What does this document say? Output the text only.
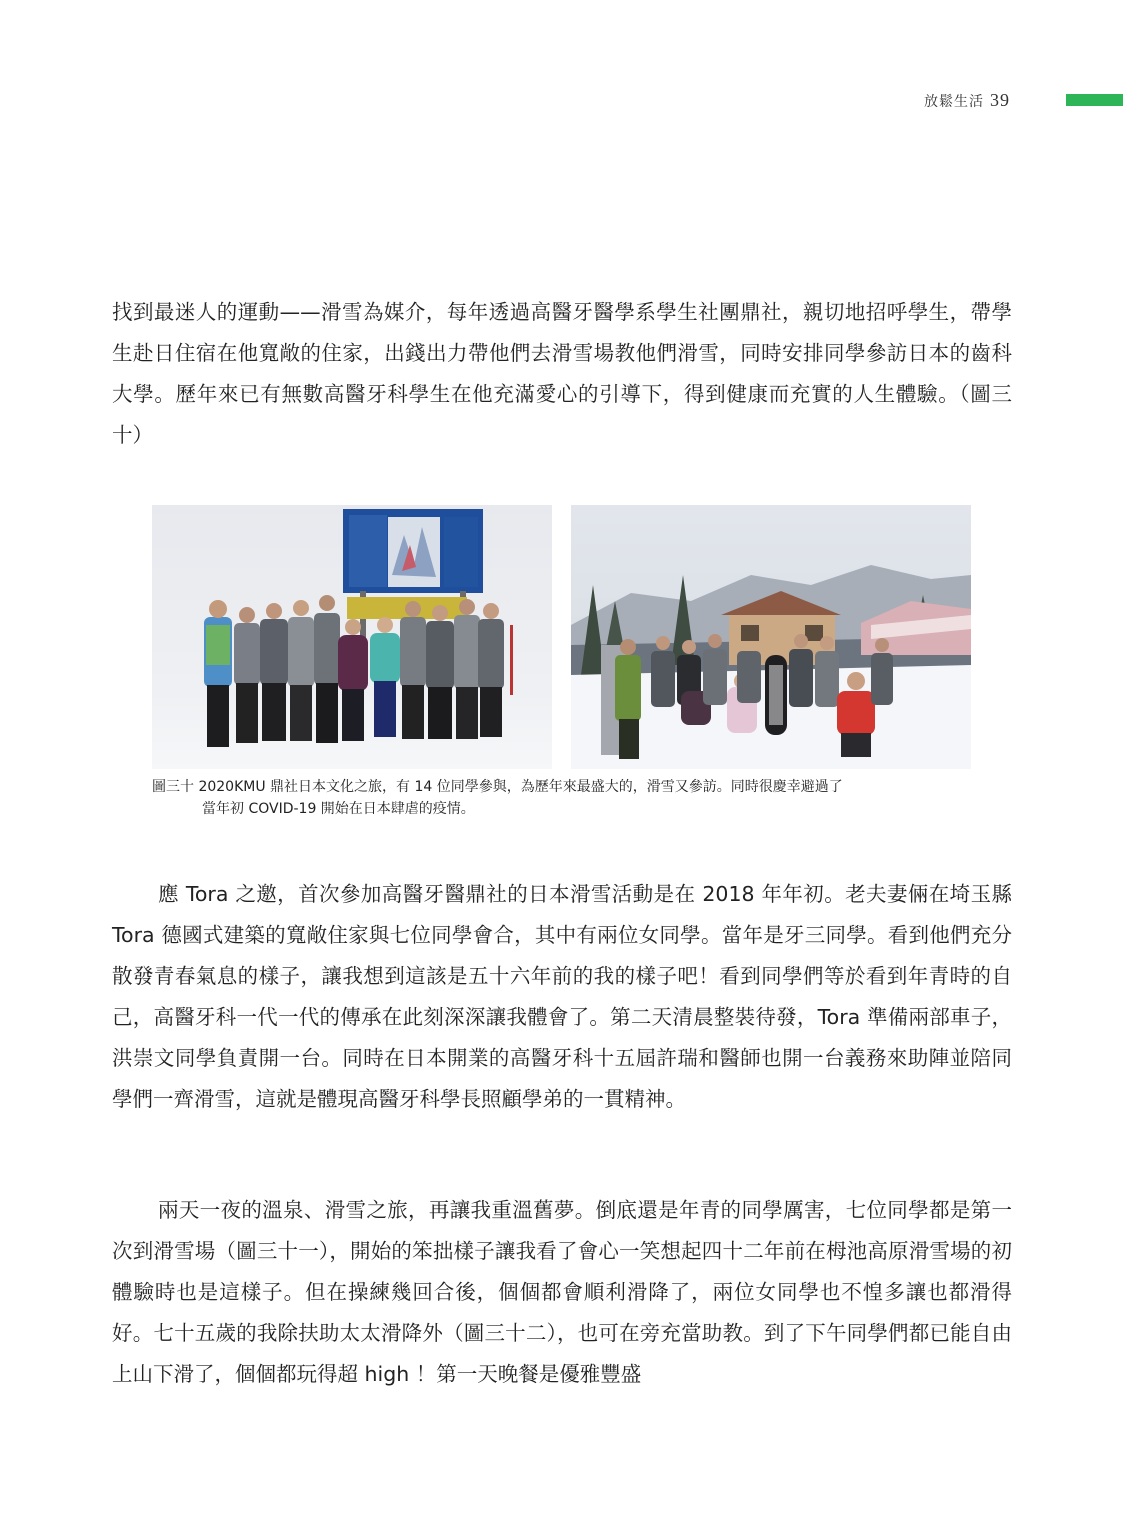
放鬆生活 39

找到最迷人的運動——滑雪為媒介，每年透過高醫牙醫學系學生社團鼎社，親切地招呼學生，帶學生赴日住宿在他寬敞的住家，出錢出力帶他們去滑雪場教他們滑雪，同時安排同學參訪日本的齒科大學。歷年來已有無數高醫牙科學生在他充滿愛心的引導下，得到健康而充實的人生體驗。（圖三十）

圖三十 2020KMU 鼎社日本文化之旅，有 14 位同學參與，為歷年來最盛大的，滑雪又參訪。同時很慶幸避過了
當年初 COVID-19 開始在日本肆虐的疫情。

應 Tora 之邀，首次參加高醫牙醫鼎社的日本滑雪活動是在 2018 年年初。老夫妻倆在埼玉縣 Tora 德國式建築的寬敞住家與七位同學會合，其中有兩位女同學。當年是牙三同學。看到他們充分散發青春氣息的樣子，讓我想到這該是五十六年前的我的樣子吧！看到同學們等於看到年青時的自己，高醫牙科一代一代的傳承在此刻深深讓我體會了。第二天清晨整裝待發，Tora 準備兩部車子，洪崇文同學負責開一台。同時在日本開業的高醫牙科十五屆許瑞和醫師也開一台義務來助陣並陪同學們一齊滑雪，這就是體現高醫牙科學長照顧學弟的一貫精神。

兩天一夜的溫泉、滑雪之旅，再讓我重溫舊夢。倒底還是年青的同學厲害，七位同學都是第一次到滑雪場（圖三十一），開始的笨拙樣子讓我看了會心一笑想起四十二年前在栂池高原滑雪場的初體驗時也是這樣子。但在操練幾回合後，個個都會順利滑降了，兩位女同學也不惶多讓也都滑得好。七十五歲的我除扶助太太滑降外（圖三十二），也可在旁充當助教。到了下午同學們都已能自由上山下滑了，個個都玩得超 high ！第一天晚餐是優雅豐盛
